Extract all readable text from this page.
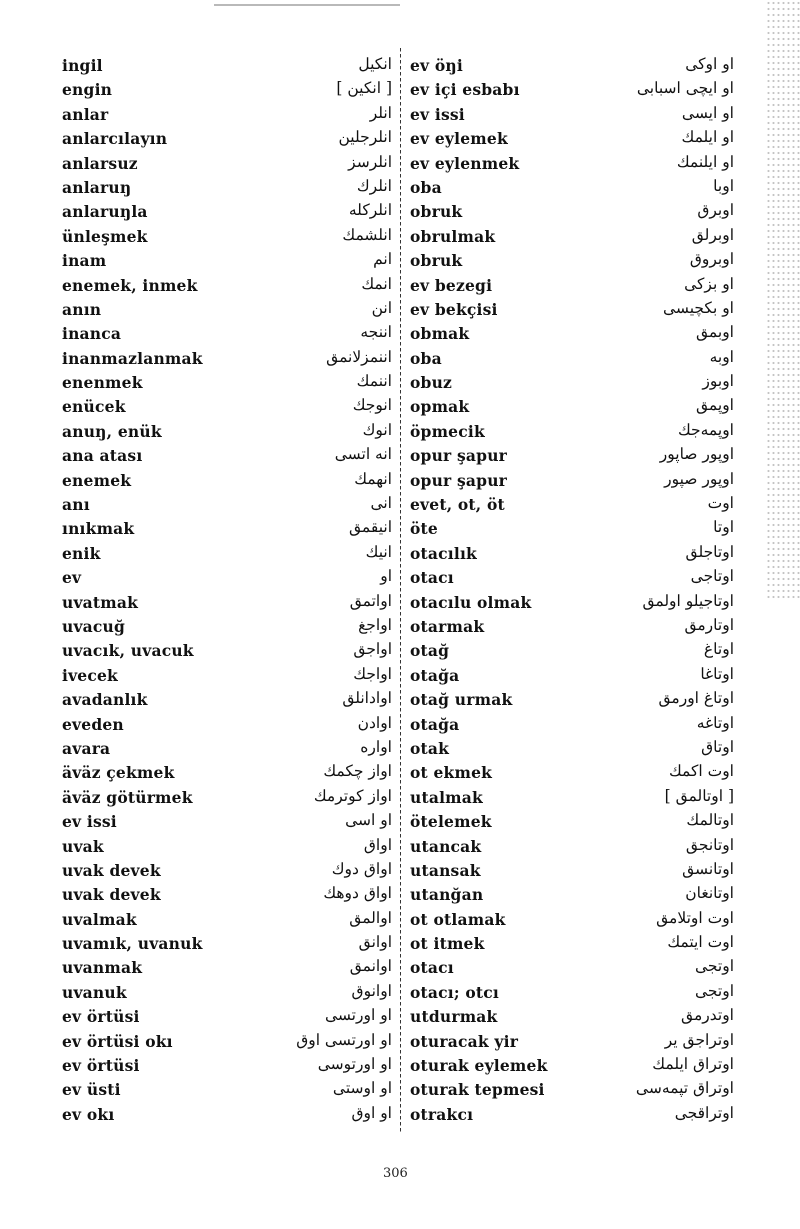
ingil	انكيل
engin	[ انكين ]
anlar	انلر
anlarcılayın	انلرجلين
anlarsuz	انلرسز
anlaruŋ	انلرك
anlaruŋla	انلركله
ünleşmek	انلشمك
inam	انم
enemek, inmek	انمك
anın	انن
inanca	اننجه
inanmazlanmak	اننمزلانمق
enenmek	اننمك
enücek	انوجك
anuŋ, enük	انوك
ana atası	انه اتسی
enemek	انهمك
anı	انی
ınıkmak	انيقمق
enik	انيك
ev	او
uvatmak	اواتمق
uvacuğ	اواجغ
uvacık, uvacuk	اواجق
ivecek	اواجك
avadanlık	اوادانلق
eveden	اوادن
avara	اواره
äväz çekmek	اواز چكمك
äväz götürmek	اواز كوترمك
ev issi	او اسی
uvak	اواق
uvak devek	اواق دوك
uvak devek	اواق دوهك
uvalmak	اوالمق
uvamık, uvanuk	اوانق
uvanmak	اوانمق
uvanuk	اوانوق
ev örtüsi	او اورتسی
ev örtüsi okı	او اورتسی اوق
ev örtüsi	او اورتوسی
ev üsti	او اوستی
ev okı	او اوق
ev öŋi	او اوكی
ev içi esbabı	او ايچی اسبابی
ev issi	او ايسی
ev eylemek	او ايلمك
ev eylenmek	او ايلنمك
oba	اوبا
obruk	اوبرق
obrulmak	اوبرلق
obruk	اوبروق
ev bezegi	او بزكی
ev bekçisi	او بكچيسی
obmak	اوبمق
oba	اوبه
obuz	اوبوز
opmak	اوپمق
öpmecik	اوپمه‌جك
opur şapur	اوپور صاپور
opur şapur	اوپور صپور
evet, ot, öt	اوت
öte	اوتا
otacılık	اوتاجلق
otacı	اوتاجی
otacılu olmak	اوتاجيلو اولمق
otarmak	اوتارمق
otağ	اوتاغ
otağa	اوتاغا
otağ urmak	اوتاغ اورمق
otağa	اوتاغه
otak	اوتاق
ot ekmek	اوت اكمك
utalmak	[ اوتالمق ]
ötelemek	اوتالمك
utancak	اوتانجق
utansak	اوتانسق
utanğan	اوتانغان
ot otlamak	اوت اوتلامق
ot itmek	اوت ايتمك
otacı	اوتجی
otacı; otcı	اوتجی
utdurmak	اوتدرمق
oturacak yir	اوتراجق ير
oturak eylemek	اوتراق ايلمك
oturak tepmesi	اوتراق تپمه‌سی
otrakcı	اوتراقجی
306
